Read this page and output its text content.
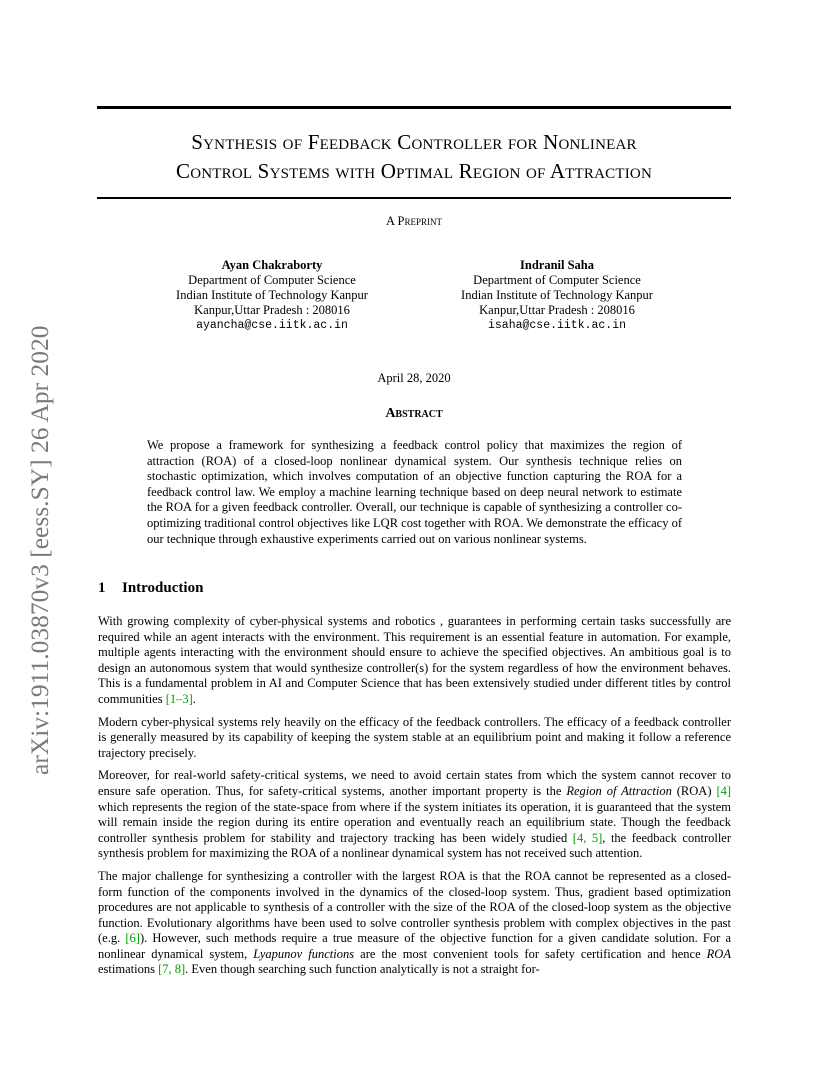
arXiv:1911.03870v3 [eess.SY] 26 Apr 2020
Synthesis of Feedback Controller for Nonlinear
Control Systems with Optimal Region of Attraction
A Preprint
Ayan Chakraborty
Department of Computer Science
Indian Institute of Technology Kanpur
Kanpur,Uttar Pradesh : 208016
ayancha@cse.iitk.ac.in
Indranil Saha
Department of Computer Science
Indian Institute of Technology Kanpur
Kanpur,Uttar Pradesh : 208016
isaha@cse.iitk.ac.in
April 28, 2020
Abstract
We propose a framework for synthesizing a feedback control policy that maximizes the region of attraction (ROA) of a closed-loop nonlinear dynamical system. Our synthesis technique relies on stochastic optimization, which involves computation of an objective function capturing the ROA for a feedback control law. We employ a machine learning technique based on deep neural network to estimate the ROA for a given feedback controller. Overall, our technique is capable of synthesizing a controller co-optimizing traditional control objectives like LQR cost together with ROA. We demonstrate the efficacy of our technique through exhaustive experiments carried out on various nonlinear systems.
1 Introduction

With growing complexity of cyber-physical systems and robotics , guarantees in performing certain tasks successfully are required while an agent interacts with the environment. This requirement is an essential feature in automation. For example, multiple agents interacting with the environment should ensure to achieve the specified objectives. An ambitious goal is to design an autonomous system that would synthesize controller(s) for the system regardless of how the environment behaves. This is a fundamental problem in AI and Computer Science that has been extensively studied under different titles by control communities [1–3].

Modern cyber-physical systems rely heavily on the efficacy of the feedback controllers. The efficacy of a feedback controller is generally measured by its capability of keeping the system stable at an equilibrium point and making it follow a reference trajectory precisely.

Moreover, for real-world safety-critical systems, we need to avoid certain states from which the system cannot recover to ensure safe operation. Thus, for safety-critical systems, another important property is the Region of Attraction (ROA) [4] which represents the region of the state-space from where if the system initiates its operation, it is guaranteed that the system will remain inside the region during its entire operation and eventually reach an equilibrium state. Though the feedback controller synthesis problem for stability and trajectory tracking has been widely studied [4, 5], the feedback controller synthesis problem for maximizing the ROA of a nonlinear dynamical system has not received such attention.

The major challenge for synthesizing a controller with the largest ROA is that the ROA cannot be represented as a closed-form function of the components involved in the dynamics of the closed-loop system. Thus, gradient based optimization procedures are not applicable to synthesis of a controller with the size of the ROA of the closed-loop system as the objective function. Evolutionary algorithms have been used to solve controller synthesis problem with complex objectives in the past (e.g. [6]). However, such methods require a true measure of the objective function for a given candidate solution. For a nonlinear dynamical system, Lyapunov functions are the most convenient tools for safety certification and hence ROA estimations [7, 8]. Even though searching such function analytically is not a straight for-
